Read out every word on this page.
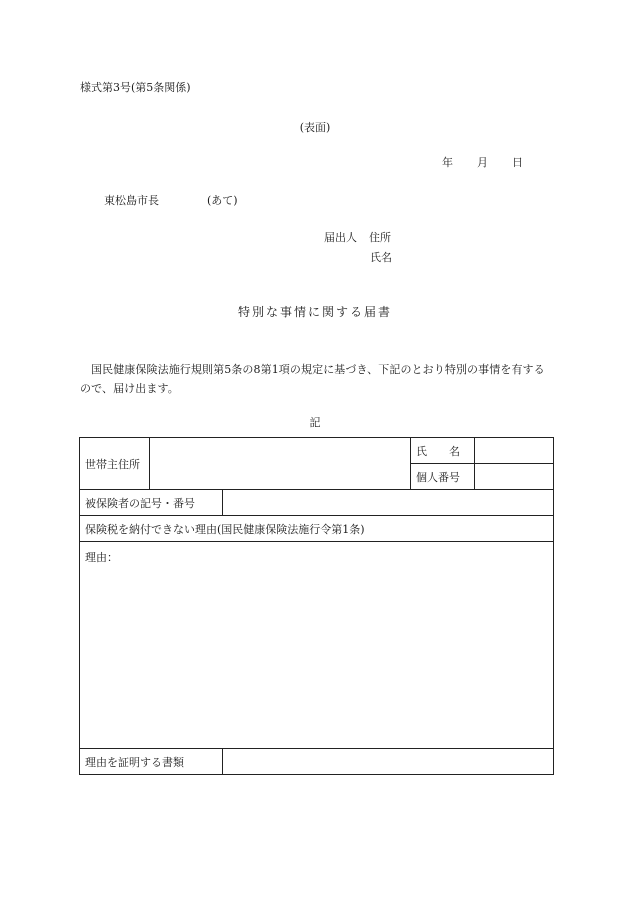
様式第3号(第5条関係)
(表面)
年 月 日
東松島市長	(あて)
届出人 住所
氏名
特別な事情に関する届書
国民健康保険法施行規則第5条の8第1項の規定に基づき、下記のとおり特別の事情を有するので、届け出ます。
記
世帯主住所			氏 名	
			個人番号	
被保険者の記号・番号				
保険税を納付できない理由(国民健康保険法施行令第1条)				
理由：				
理由を証明する書類				
